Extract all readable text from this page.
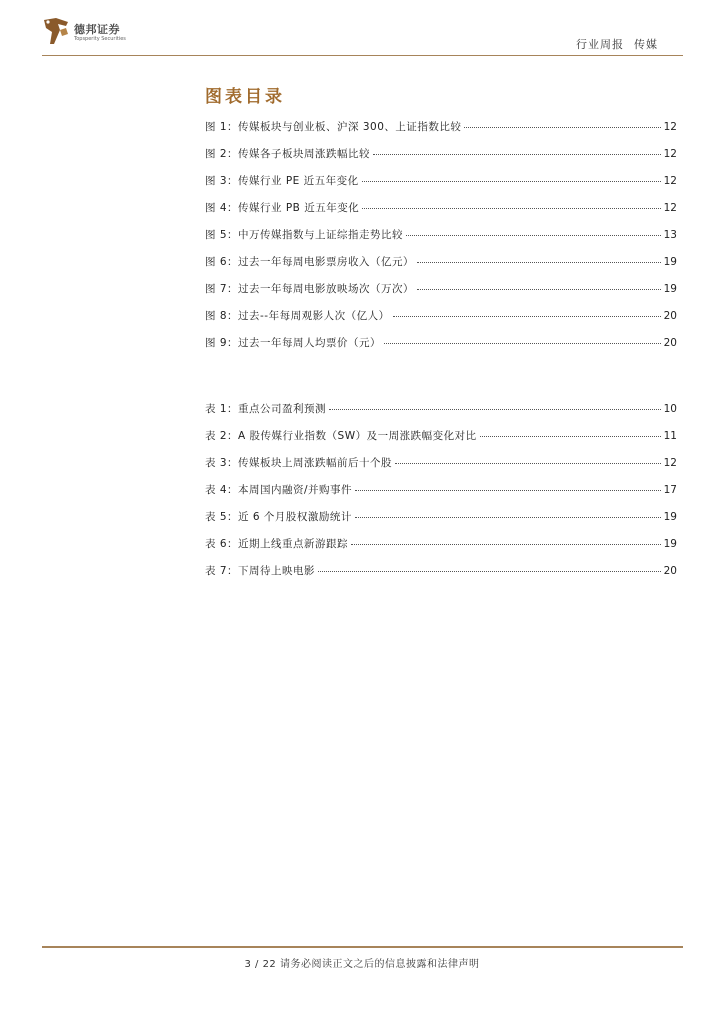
德邦证券
Topsperity Securities	行业周报 传媒
图表目录
图 1：传媒板块与创业板、沪深 300、上证指数比较	12
图 2：传媒各子板块周涨跌幅比较	12
图 3：传媒行业 PE 近五年变化	12
图 4：传媒行业 PB 近五年变化	12
图 5：中万传媒指数与上证综指走势比较	13
图 6：过去一年每周电影票房收入（亿元）	19
图 7：过去一年每周电影放映场次（万次）	19
图 8：过去--年每周观影人次（亿人）	20
图 9：过去一年每周人均票价（元）	20
表 1：重点公司盈利预测	10
表 2：A 股传媒行业指数（SW）及一周涨跌幅变化对比	11
表 3：传媒板块上周涨跌幅前后十个股	12
表 4：本周国内融资/并购事件	17
表 5：近 6 个月股权激励统计	19
表 6：近期上线重点新游跟踪	19
表 7：下周待上映电影	20
3 / 22 请务必阅读正文之后的信息披露和法律声明
